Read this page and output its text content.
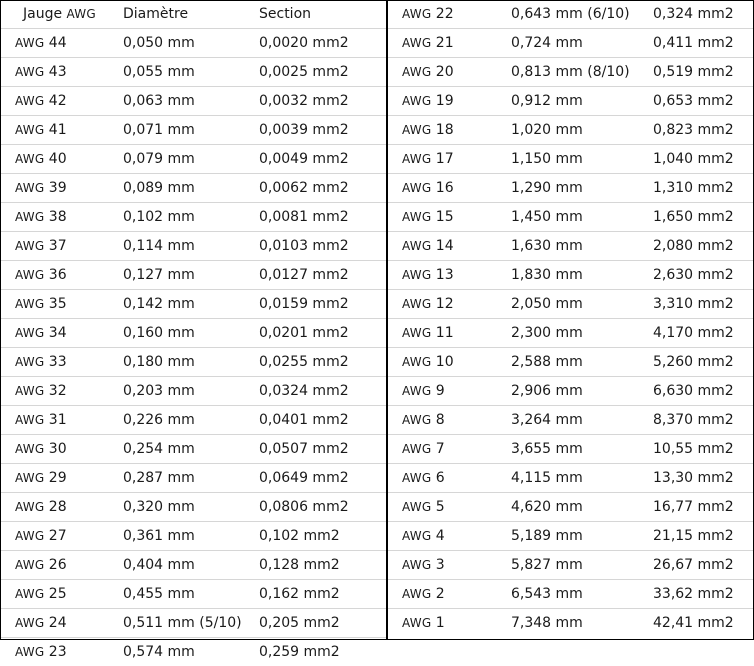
Jauge AWG	Diamètre	Section
AWG 44	0,050 mm	0,0020 mm2
AWG 43	0,055 mm	0,0025 mm2
AWG 42	0,063 mm	0,0032 mm2
AWG 41	0,071 mm	0,0039 mm2
AWG 40	0,079 mm	0,0049 mm2
AWG 39	0,089 mm	0,0062 mm2
AWG 38	0,102 mm	0,0081 mm2
AWG 37	0,114 mm	0,0103 mm2
AWG 36	0,127 mm	0,0127 mm2
AWG 35	0,142 mm	0,0159 mm2
AWG 34	0,160 mm	0,0201 mm2
AWG 33	0,180 mm	0,0255 mm2
AWG 32	0,203 mm	0,0324 mm2
AWG 31	0,226 mm	0,0401 mm2
AWG 30	0,254 mm	0,0507 mm2
AWG 29	0,287 mm	0,0649 mm2
AWG 28	0,320 mm	0,0806 mm2
AWG 27	0,361 mm	0,102 mm2
AWG 26	0,404 mm	0,128 mm2
AWG 25	0,455 mm	0,162 mm2
AWG 24	0,511 mm (5/10)	0,205 mm2
AWG 23	0,574 mm	0,259 mm2
AWG 22	0,643 mm (6/10)	0,324 mm2
AWG 21	0,724 mm	0,411 mm2
AWG 20	0,813 mm (8/10)	0,519 mm2
AWG 19	0,912 mm	0,653 mm2
AWG 18	1,020 mm	0,823 mm2
AWG 17	1,150 mm	1,040 mm2
AWG 16	1,290 mm	1,310 mm2
AWG 15	1,450 mm	1,650 mm2
AWG 14	1,630 mm	2,080 mm2
AWG 13	1,830 mm	2,630 mm2
AWG 12	2,050 mm	3,310 mm2
AWG 11	2,300 mm	4,170 mm2
AWG 10	2,588 mm	5,260 mm2
AWG 9	2,906 mm	6,630 mm2
AWG 8	3,264 mm	8,370 mm2
AWG 7	3,655 mm	10,55 mm2
AWG 6	4,115 mm	13,30 mm2
AWG 5	4,620 mm	16,77 mm2
AWG 4	5,189 mm	21,15 mm2
AWG 3	5,827 mm	26,67 mm2
AWG 2	6,543 mm	33,62 mm2
AWG 1	7,348 mm	42,41 mm2
